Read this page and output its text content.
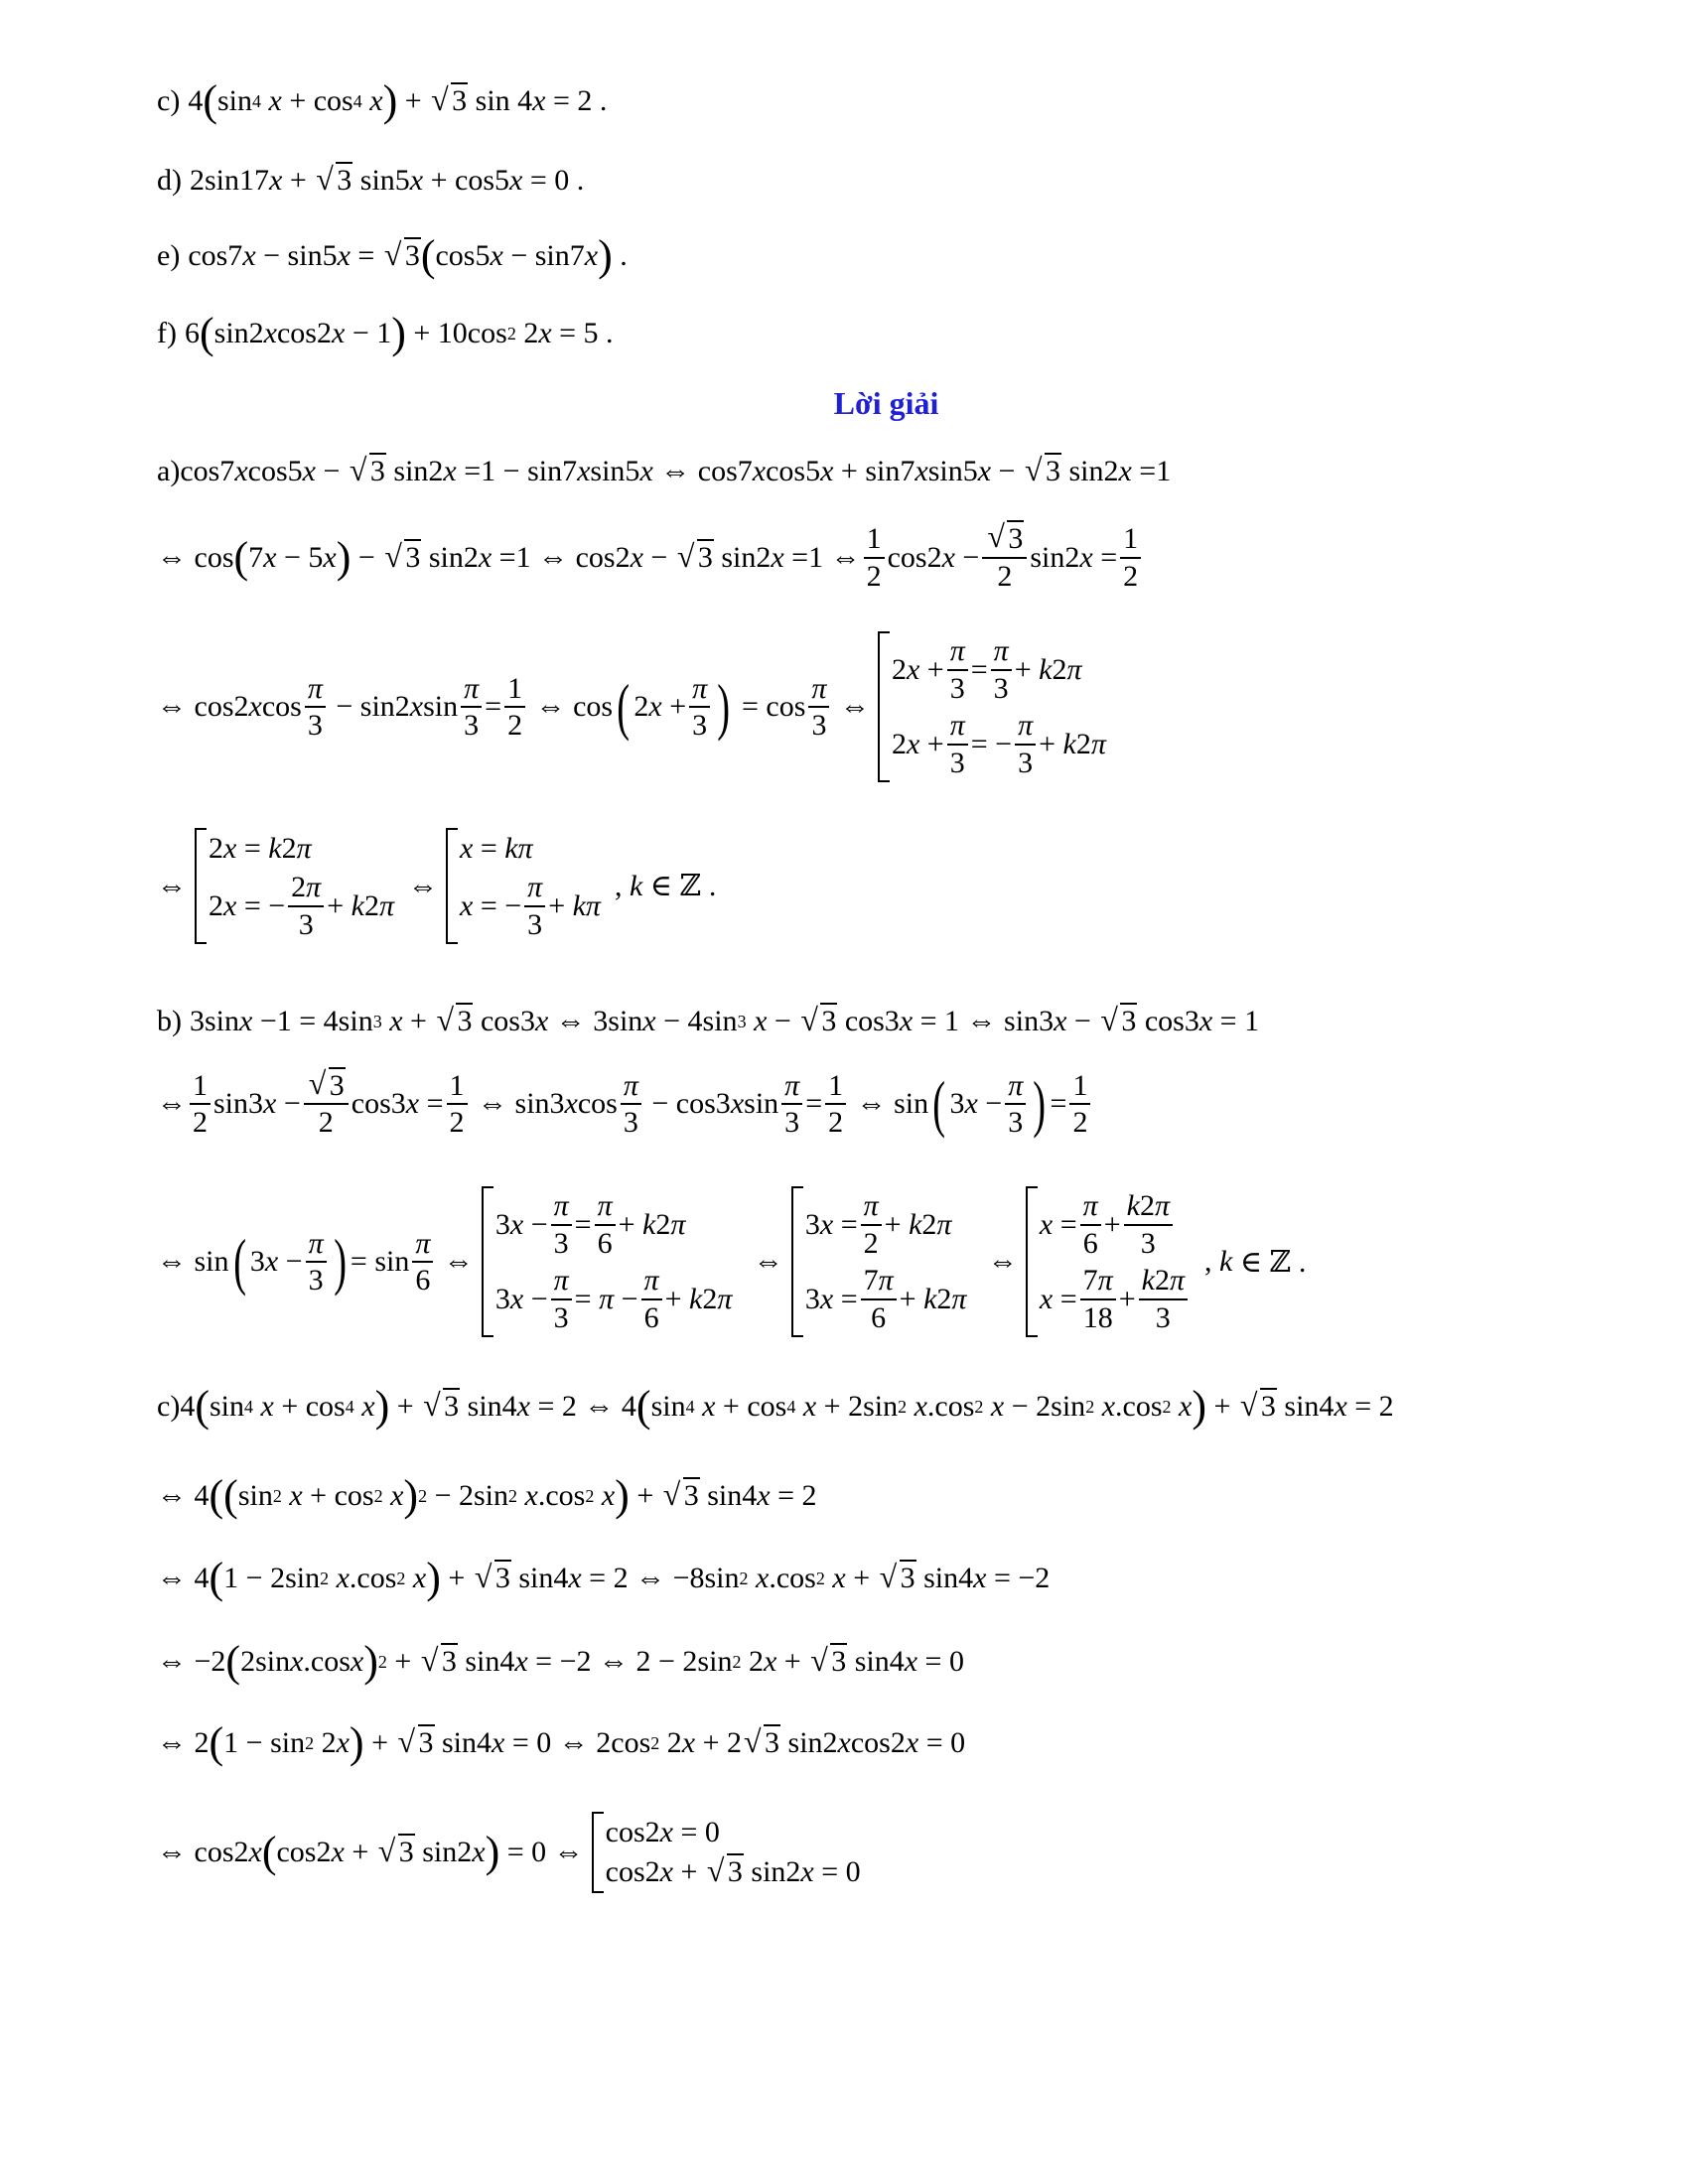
c) 4 ( sin 4
x + cos 4
x ) + √ 3 sin 4 x = 2 .
d) 2sin17 x + √ 3 sin5 x + cos5 x = 0 .
e) cos7 x − sin5 x = √ 3 ( cos5 x − sin7 x ) .
f) 6 ( sin2 x cos2 x − 1 ) + 10cos 2 2 x = 5 .
Lời giải
a) cos7 x cos5 x − √ 3 sin2 x =1 − sin7 x sin5 x ⇔ cos7 x cos5 x + sin7 x sin5 x − √ 3 sin2 x =1
⇔ cos ( 7 x − 5 x ) − √ 3 sin2 x =1 ⇔ cos2 x − √ 3 sin2 x =1 ⇔ $\frac{1}{2} \cos 2$ x − √ $\frac{3}{2} \sin 2$ $x = \frac{1}{2}$
⇔ cos2 x $\cos \frac{\pi}{3} - \sin 2$ x $\sin \frac{\pi}{3} = \frac{1}{2}$ ⇔ cos ( 2 $x + \frac{\pi}{3}$
) = $\cos \frac{\pi}{3}$ ⇔
2 $x + \frac{\pi}{3} = \frac{\pi}{3} + k$ 2 π
2 $x + \frac{\pi}{3}$ = − $\frac{\pi}{3} + k$ 2 π
⇔
2 x = k 2 π
2 x = − $\frac{2\pi}{3} + k$ 2 π
⇔
x = kπ
x = − $\frac{\pi}{3} + k\pi$
, k ∈ ℤ .
b) 3sin x −1 = 4sin 3
x + √ 3 cos3 x ⇔ 3sin x − 4sin 3
x − √ 3 cos3 x = 1 ⇔ sin3 x − √ 3 cos3 x = 1
⇔ $\frac{1}{2} \sin 3$ x − √ $\frac{3}{2} \cos 3$ $x = \frac{1}{2}$ ⇔ sin3 x $\cos \frac{\pi}{3} - \cos 3$ x $\sin \frac{\pi}{3} = \frac{1}{2}$ ⇔ sin ( 3 $x - \frac{\pi}{3}$
) = $\frac{1}{2}$
⇔ sin ( 3 $x - \frac{\pi}{3}$
) = $\sin \frac{\pi}{6}$ ⇔
3 $x - \frac{\pi}{3} = \frac{\pi}{6} + k$ 2 π
3 $x - \frac{\pi}{3} = \pi - \frac{\pi}{6} + k$ 2 π
⇔
3 $x = \frac{\pi}{2} + k$ 2 π
3 $x = \frac{7\pi}{6} + k$ 2 π
⇔
$x = \frac{\pi}{6} + \frac{k2\pi}{3}$
$x = \frac{7\pi}{18} + \frac{k2\pi}{3}$
, k ∈ ℤ .
c) 4 ( sin 4
x + cos 4
x ) + √ 3 sin4 x = 2 ⇔ 4 ( sin 4
x + cos 4
x + 2sin 2
x .cos 2
x − 2sin 2
x .cos 2
x ) + √ 3 sin4 x = 2
⇔ 4 ( ( sin 2
x + cos 2
x ) 2 − 2sin 2
x .cos 2
x ) + √ 3 sin4 x = 2
⇔ 4 ( 1 − 2sin 2
x .cos 2
x ) + √ 3 sin4 x = 2 ⇔ −8sin 2
x .cos 2
x + √ 3 sin4 x = −2
⇔ −2 ( 2sin x .cos x ) 2 + √ 3 sin4 x = −2 ⇔ 2 − 2sin 2 2 x + √ 3 sin4 x = 0
⇔ 2 ( 1 − sin 2 2 x ) + √ 3 sin4 x = 0 ⇔ 2cos 2 2 x + 2 √ 3 sin2 x cos2 x = 0
⇔ cos2 x ( cos2 x + √ 3 sin2 x ) = 0 ⇔
cos2 x = 0
cos2 x + √ 3 sin2 x = 0
